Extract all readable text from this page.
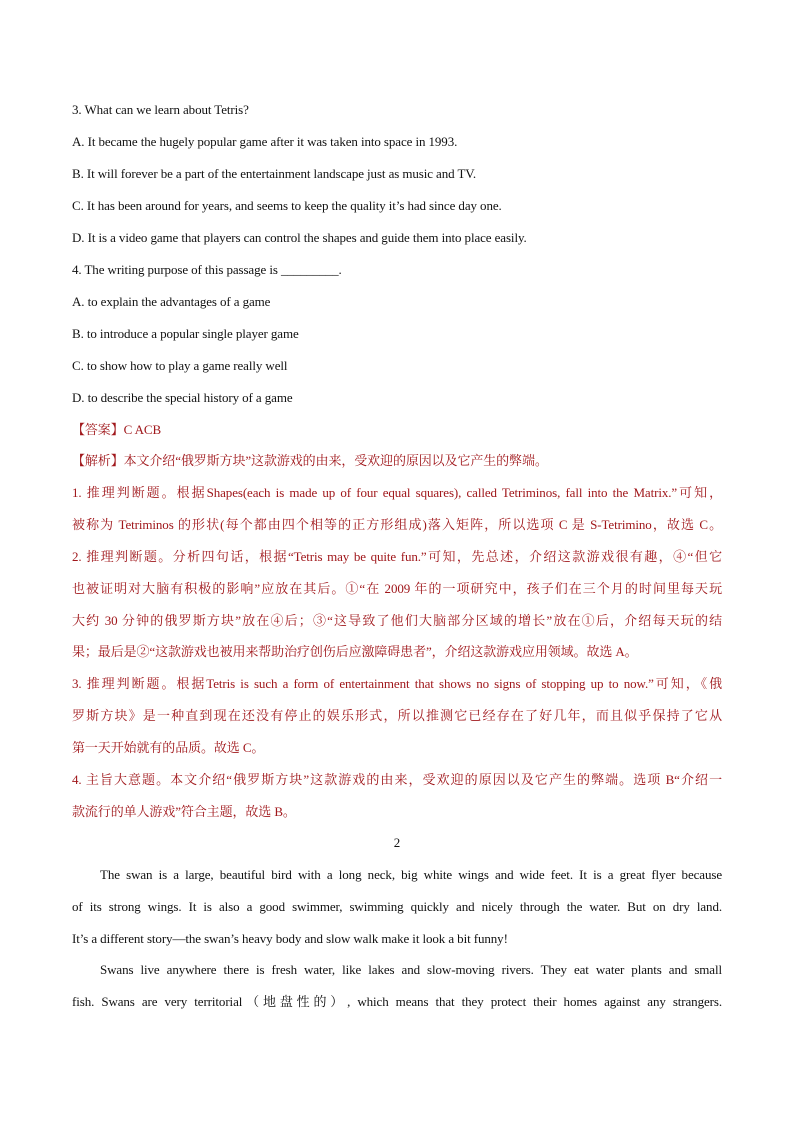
3. What can we learn about Tetris?
A. It became the hugely popular game after it was taken into space in 1993.
B. It will forever be a part of the entertainment landscape just as music and TV.
C. It has been around for years, and seems to keep the quality it’s had since day one.
D. It is a video game that players can control the shapes and guide them into place easily.
4. The writing purpose of this passage is _________.
A. to explain the advantages of a game
B. to introduce a popular single player game
C. to show how to play a game really well
D. to describe the special history of a game
【答案】C ACB
【解析】本文介绍“俄罗斯方块”这款游戏的由来，受欢迎的原因以及它产生的弊端。
1. 推理判断题。根据Shapes(each is made up of four equal squares), called Tetriminos, fall into the Matrix.”可知，
被称为 Tetriminos 的形状(每个都由四个相等的正方形组成)落入矩阵，所以选项 C 是 S-Tetrimino，故选 C。
2. 推理判断题。分析四句话，根据“Tetris may be quite fun.”可知，先总述，介绍这款游戏很有趣，④“但它
也被证明对大脑有积极的影响”应放在其后。①“在 2009 年的一项研究中，孩子们在三个月的时间里每天玩
大约 30 分钟的俄罗斯方块”放在④后；③“这导致了他们大脑部分区域的增长”放在①后，介绍每天玩的结
果；最后是②“这款游戏也被用来帮助治疗创伤后应激障碍患者”，介绍这款游戏应用领域。故选 A。
3. 推理判断题。根据Tetris is such a form of entertainment that shows no signs of stopping up to now.”可知，《俄
罗斯方块》是一种直到现在还没有停止的娱乐形式，所以推测它已经存在了好几年，而且似乎保持了它从
第一天开始就有的品质。故选 C。
4. 主旨大意题。本文介绍“俄罗斯方块”这款游戏的由来，受欢迎的原因以及它产生的弊端。选项 B“介绍一
款流行的单人游戏”符合主题，故选 B。
2
The swan is a large, beautiful bird with a long neck, big white wings and wide feet. It is a great flyer because
of its strong wings. It is also a good swimmer, swimming quickly and nicely through the water. But on dry land.
It’s a different story—the swan’s heavy body and slow walk make it look a bit funny!
Swans live anywhere there is fresh water, like lakes and slow-moving rivers. They eat water plants and small
fish. Swans are very territorial（地盘性的）, which means that they protect their homes against any strangers.
